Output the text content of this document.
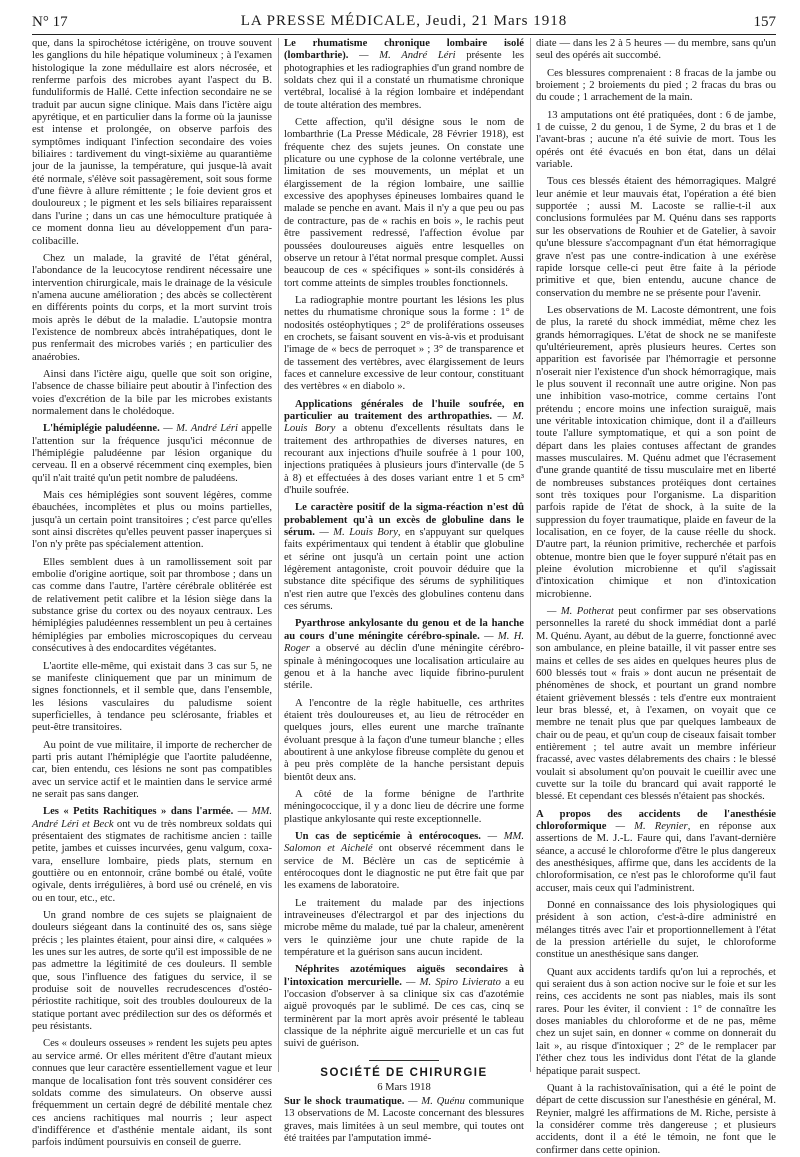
N° 17	LA PRESSE MÉDICALE, Jeudi, 21 Mars 1918	157

que, dans la spirochétose ictérigène, on trouve souvent les ganglions du hile hépatique volumineux ; à l'examen histologique la zone médullaire est alors nécrosée, et renferme parfois des microbes ayant l'aspect du B. funduliformis de Hallé. Cette infection secondaire ne se traduit par aucun signe clinique. Mais dans l'ictère aigu apyrétique, et en particulier dans la forme où la jaunisse est intense et prolongée, on observe parfois des symptômes indiquant l'infection secondaire des voies biliaires : tardivement du vingt-sixième au quarantième jour de la jaunisse, la température, qui jusque-là avait été normale, s'élève soit passagèrement, soit sous forme d'une fièvre à allure rémittente ; le foie devient gros et douloureux ; le pigment et les sels biliaires reparaissent dans l'urine ; dans un cas une hémoculture pratiquée à ce moment donna lieu au développement d'un para-colibacille.

Chez un malade, la gravité de l'état général, l'abondance de la leucocytose rendirent nécessaire une intervention chirurgicale, mais le drainage de la vésicule n'amena aucune amélioration ; des abcès se collectèrent en différents points du corps, et la mort survint trois mois après le début de la maladie. L'autopsie montra l'existence de nombreux abcès intrahépatiques, dont le pus renfermait des microbes variés ; en particulier des anaérobies.

Ainsi dans l'ictère aigu, quelle que soit son origine, l'absence de chasse biliaire peut aboutir à l'infection des voies d'excrétion de la bile par les microbes existants normalement dans le cholédoque.

L'hémiplégie paludéenne. — M. André Léri appelle l'attention sur la fréquence jusqu'ici méconnue de l'hémiplégie paludéenne par lésion organique du cerveau. Il en a observé récemment cinq exemples, bien qu'il n'ait traité qu'un petit nombre de paludéens.

Mais ces hémiplégies sont souvent légères, comme ébauchées, incomplètes et plus ou moins partielles, jusqu'à un certain point transitoires ; c'est parce qu'elles sont ainsi discrètes qu'elles peuvent passer inaperçues si l'on n'y prête pas spécialement attention.

Elles semblent dues à un ramollissement soit par embolie d'origine aortique, soit par thrombose ; dans un cas comme dans l'autre, l'artère cérébrale oblitérée est de relativement petit calibre et la lésion siège dans la substance grise du cortex ou des noyaux centraux. Les hémiplégies paludéennes ressemblent un peu à certaines hémiplégies par embolies microscopiques du cerveau consécutives à des endocardites végétantes.

L'aortite elle-même, qui existait dans 3 cas sur 5, ne se manifeste cliniquement que par un minimum de signes fonctionnels, et il semble que, dans l'ensemble, les lésions vasculaires du paludisme soient superficielles, à tendance peu sclérosante, friables et peut-être transitoires.

Au point de vue militaire, il importe de rechercher de parti pris autant l'hémiplégie que l'aortite paludéenne, car, bien entendu, ces lésions ne sont pas compatibles avec un service actif et le maintien dans le service armé ne serait pas sans danger.

Les « Petits Rachitiques » dans l'armée. — MM. André Léri et Beck ont vu de très nombreux soldats qui présentaient des stigmates de rachitisme ancien : taille petite, jambes et cuisses incurvées, genu valgum, coxa-vara, ensellure lombaire, pieds plats, sternum en gouttière ou en entonnoir, crâne bombé ou étalé, voûte ogivale, dents irrégulières, à bord usé ou crénelé, en vis ou en tour, etc., etc.

Un grand nombre de ces sujets se plaignaient de douleurs siégeant dans la continuité des os, sans siège précis ; les plaintes étaient, pour ainsi dire, « calquées » les unes sur les autres, de sorte qu'il est impossible de ne pas admettre la légitimité de ces douleurs. Il semble que, sous l'influence des fatigues du service, il se produise soit de nouvelles recrudescences d'ostéo-périostite rachitique, soit des troubles douloureux de la statique portant avec prédilection sur des os déformés et peu résistants.

Ces « douleurs osseuses » rendent les sujets peu aptes au service armé. Or elles méritent d'être d'autant mieux connues que leur caractère essentiellement vague et leur manque de localisation font très souvent considérer ces soldats comme des simulateurs. On observe aussi fréquemment un certain degré de débilité mentale chez ces anciens rachitiques mal nourris ; leur aspect d'indifférence et d'asthénie mentale aidant, ils sont parfois indûment poursuivis en conseil de guerre.

Le rhumatisme chronique lombaire isolé (lombarthrie). — M. André Léri présente les photographies et les radiographies d'un grand nombre de soldats chez qui il a constaté un rhumatisme chronique vertébral, localisé à la région lombaire et indépendant de toute altération des membres.

Cette affection, qu'il désigne sous le nom de lombarthrie (La Presse Médicale, 28 Février 1918), est fréquente chez des sujets jeunes. On constate une plicature ou une cyphose de la colonne vertébrale, une limitation de ses mouvements, un méplat et un élargissement de la région lombaire, une saillie excessive des apophyses épineuses lombaires quand le malade se penche en avant. Mais il n'y a que peu ou pas de contracture, pas de « rachis en bois », le rachis peut être passivement redressé, l'affection évolue par poussées douloureuses aiguës entre lesquelles on observe un retour à l'état normal presque complet. Aussi beaucoup de ces « spécifiques » sont-ils considérés à tort comme atteints de simples troubles fonctionnels.

La radiographie montre pourtant les lésions les plus nettes du rhumatisme chronique sous la forme : 1° de nodosités ostéophytiques ; 2° de proliférations osseuses en crochets, se faisant souvent en vis-à-vis et produisant l'image de « becs de perroquet » ; 3° de transparence et de tassement des vertèbres, avec élargissement de leurs faces et cannelure excessive de leur contour, constituant des vertèbres « en diabolo ».

Applications générales de l'huile soufrée, en particulier au traitement des arthropathies. — M. Louis Bory a obtenu d'excellents résultats dans le traitement des arthropathies de diverses natures, en recourant aux injections d'huile soufrée à 1 pour 100, injections pratiquées à plusieurs jours d'intervalle (de 5 à 8) et effectuées à des doses variant entre 1 et 5 cm³ d'huile soufrée.

Le caractère positif de la sigma-réaction n'est dû probablement qu'à un excès de globuline dans le sérum. — M. Louis Bory, en s'appuyant sur quelques faits expérimentaux qui tendent à établir que globuline et sérine ont jusqu'à un certain point une action légèrement antagoniste, croit pouvoir déduire que la substance dite spécifique des sérums de syphilitiques n'est rien autre que l'excès des globulines contenu dans ces sérums.

Pyarthrose ankylosante du genou et de la hanche au cours d'une méningite cérébro-spinale. — M. H. Roger a observé au déclin d'une méningite cérébro-spinale à méningocoques une localisation articulaire au genou et à la hanche avec liquide fibrino-purulent stérile.

A l'encontre de la règle habituelle, ces arthrites étaient très douloureuses et, au lieu de rétrocéder en quelques jours, elles eurent une marche traînante évoluant presque à la façon d'une tumeur blanche ; elles aboutirent à une ankylose fibreuse complète du genou et à peu près complète de la hanche persistant depuis bientôt deux ans.

A côté de la forme bénigne de l'arthrite méningococcique, il y a donc lieu de décrire une forme plastique ankylosante qui reste exceptionnelle.

Un cas de septicémie à entérocoques. — MM. Salomon et Aichelé ont observé récemment dans le service de M. Béclère un cas de septicémie à entérocoques dont le diagnostic ne put être fait que par les examens de laboratoire.

Le traitement du malade par des injections intraveineuses d'électrargol et par des injections du microbe même du malade, tué par la chaleur, amenèrent vers le quinzième jour une chute rapide de la température et la guérison sans aucun incident.

Néphrites azotémiques aiguës secondaires à l'intoxication mercurielle. — M. Spiro Livierato a eu l'occasion d'observer à sa clinique six cas d'azotémie aiguë provoqués par le sublimé. De ces cas, cinq se terminèrent par la mort après avoir présenté le tableau classique de la néphrite aiguë mercurielle et un cas fut suivi de guérison.

SOCIÉTÉ DE CHIRURGIE
6 Mars 1918

Sur le shock traumatique. — M. Quénu communique 13 observations de M. Lacoste concernant des blessures graves, mais limitées à un seul membre, qui toutes ont été traitées par l'amputation immé-

diate — dans les 2 à 5 heures — du membre, sans qu'un seul des opérés ait succombé.

Ces blessures comprenaient : 8 fracas de la jambe ou broiement ; 2 broiements du pied ; 2 fracas du bras ou du coude ; 1 arrachement de la main.

13 amputations ont été pratiquées, dont : 6 de jambe, 1 de cuisse, 2 du genou, 1 de Syme, 2 du bras et 1 de l'avant-bras ; aucune n'a été suivie de mort. Tous les opérés ont été évacués en bon état, dans un délai variable.

Tous ces blessés étaient des hémorragiques. Malgré leur anémie et leur mauvais état, l'opération a été bien supportée ; aussi M. Lacoste se rallie-t-il aux conclusions formulées par M. Quénu dans ses rapports sur les observations de Rouhier et de Gatelier, à savoir qu'une blessure s'accompagnant d'un état hémorragique grave n'est pas une contre-indication à une exérèse rapide lorsque celle-ci peut être faite à la période primitive et que, bien entendu, aucune chance de conservation du membre ne se présente pour l'avenir.

Les observations de M. Lacoste démontrent, une fois de plus, la rareté du shock immédiat, même chez les grands hémorragiques. L'état de shock ne se manifeste qu'ultérieurement, après plusieurs heures. Certes son apparition est favorisée par l'hémorragie et personne n'oserait nier l'existence d'un shock hémorragique, mais le plus souvent il reconnaît une autre origine. Non pas une inhibition vaso-motrice, comme certains l'ont prétendu ; encore moins une infection suraiguë, mais une véritable intoxication chimique, dont il a d'ailleurs toute l'allure symptomatique, et qui a son point de départ dans les plaies contuses affectant de grandes masses musculaires. M. Quénu admet que l'écrasement d'une grande quantité de tissu musculaire met en liberté de nombreuses substances protéiques dont certaines sont très toxiques pour l'organisme. La disparition parfois rapide de l'état de shock, à la suite de la suppression du foyer traumatique, plaide en faveur de la localisation, en ce foyer, de la cause réelle du shock. D'autre part, la réunion primitive, recherchée et parfois obtenue, montre bien que le foyer suppuré n'était pas en pleine évolution microbienne et qu'il s'agissait d'intoxication chimique et non d'intoxication microbienne.

— M. Potherat peut confirmer par ses observations personnelles la rareté du shock immédiat dont a parlé M. Quénu. Ayant, au début de la guerre, fonctionné avec son ambulance, en pleine bataille, il vit passer entre ses mains et celles de ses aides en quelques heures plus de 600 blessés tout « frais » dont aucun ne présentait de phénomènes de shock, et pourtant un grand nombre étaient grièvement blessés : tels d'entre eux montraient leur bras blessé, et, à l'examen, on voyait que ce membre ne tenait plus que par quelques lambeaux de chair ou de peau, et qu'un coup de ciseaux faisait tomber entièrement ; tel autre avait un membre inférieur fracassé, avec vastes délabrements des chairs : le blessé voulait si absolument qu'on pouvait le cueillir avec une cuvette sur la toile du brancard qui avait rapporté le blessé. Et cependant ces blessés n'étaient pas shockés.

A propos des accidents de l'anesthésie chloroformique — M. Reynier, en réponse aux assertions de M. J.-L. Faure qui, dans l'avant-dernière séance, a accusé le chloroforme d'être le plus dangereux des anesthésiques, affirme que, dans les accidents de la chloroformisation, ce n'est pas le chloroforme qu'il faut accuser, mais ceux qui l'administrent.

Donné en connaissance des lois physiologiques qui président à son action, c'est-à-dire administré en mélanges titrés avec l'air et proportionnellement à l'état de la pression artérielle du sujet, le chloroforme constitue un anesthésique sans danger.

Quant aux accidents tardifs qu'on lui a reprochés, et qui seraient dus à son action nocive sur le foie et sur les reins, ces accidents ne sont pas niables, mais ils sont rares. Pour les éviter, il convient : 1° de connaître les doses maniables du chloroforme et de ne pas, même chez un sujet sain, en donner « comme on donnerait du lait », au risque d'intoxiquer ; 2° de le remplacer par l'éther chez tous les individus dont l'état de la glande hépatique parait suspect.

Quant à la rachistovaïnisation, qui a été le point de départ de cette discussion sur l'anesthésie en général, M. Reynier, malgré les affirmations de M. Riche, persiste à la considérer comme très dangereuse ; et plusieurs accidents, dont il a été le témoin, ne font que le confirmer dans cette opinion.
